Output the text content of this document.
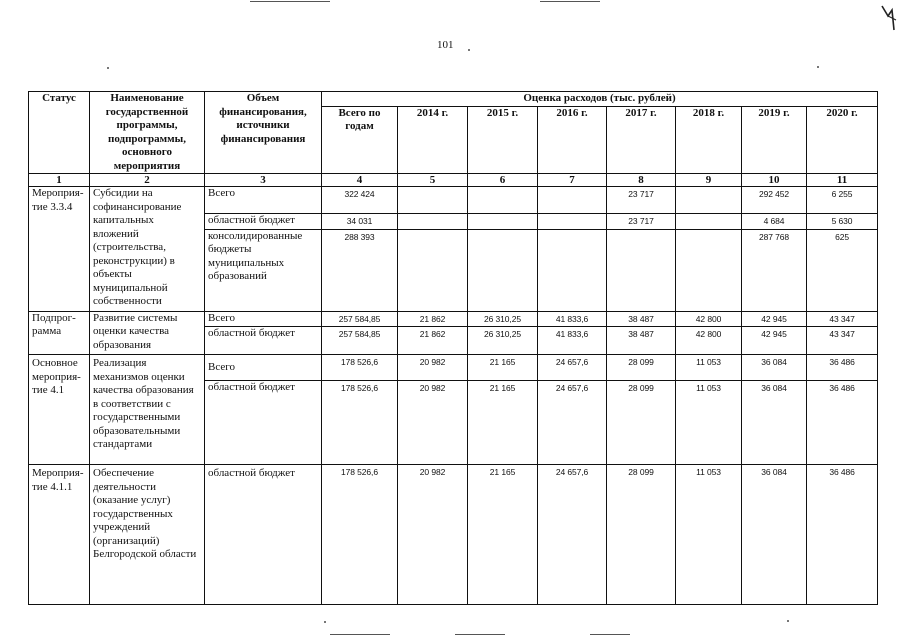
101
Статус	Наименование государственной программы, подпрограммы, основного мероприятия	Объем финансирования, источники финансирования	Оценка расходов (тыс. рублей)							
			Всего по годам	2014 г.	2015 г.	2016 г.	2017 г.	2018 г.	2019 г.	2020 г.
1	2	3	4	5	6	7	8	9	10	11
Мероприя-тие 3.3.4	Субсидии на софинансирование капитальных вложений (строительства, реконструкции) в объекты муниципальной собственности	Всего	322 424				23 717		292 452	6 255
		областной бюджет	34 031				23 717		4 684	5 630
		консолидированные бюджеты муниципальных образований	288 393						287 768	625
Подпрог-рамма	Развитие системы оценки качества образования	Всего	257 584,85	21 862	26 310,25	41 833,6	38 487	42 800	42 945	43 347
		областной бюджет	257 584,85	21 862	26 310,25	41 833,6	38 487	42 800	42 945	43 347
Основное мероприя-тие 4.1	Реализация механизмов оценки качества образования в соответствии с государственными образовательными стандартами	Всего	178 526,6	20 982	21 165	24 657,6	28 099	11 053	36 084	36 486
		областной бюджет	178 526,6	20 982	21 165	24 657,6	28 099	11 053	36 084	36 486
Мероприя-тие 4.1.1	Обеспечение деятельности (оказание услуг) государственных учреждений (организаций) Белгородской области	областной бюджет	178 526,6	20 982	21 165	24 657,6	28 099	11 053	36 084	36 486
